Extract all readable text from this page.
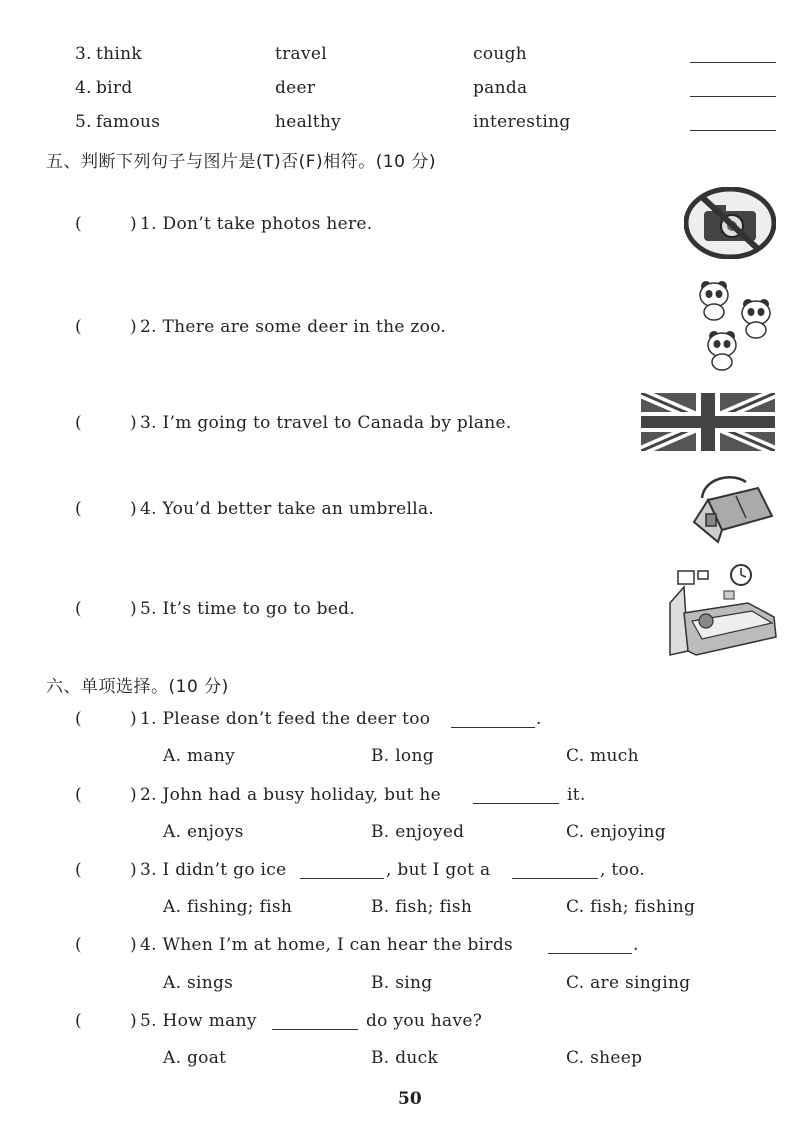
3. think	travel	cough
4. bird	deer	panda
5. famous	healthy	interesting
五、判断下列句子与图片是(T)否(F)相符。(10 分)
(	) 1. Don’t take photos here.
(	) 2. There are some deer in the zoo.
(	) 3. I’m going to travel to Canada by plane.
(	) 4. You’d better take an umbrella.
(	) 5. It’s time to go to bed.
六、单项选择。(10 分)
(	) 1. Please don’t feed the deer too	.
A. many	B. long	C. much
(	) 2. John had a busy holiday, but he	it.
A. enjoys	B. enjoyed	C. enjoying
(	) 3. I didn’t go ice	, but I got a	, too.
A. fishing; fish	B. fish; fish	C. fish; fishing
(	) 4. When I’m at home, I can hear the birds	.
A. sings	B. sing	C. are singing
(	) 5. How many	do you have?
A. goat	B. duck	C. sheep
50
